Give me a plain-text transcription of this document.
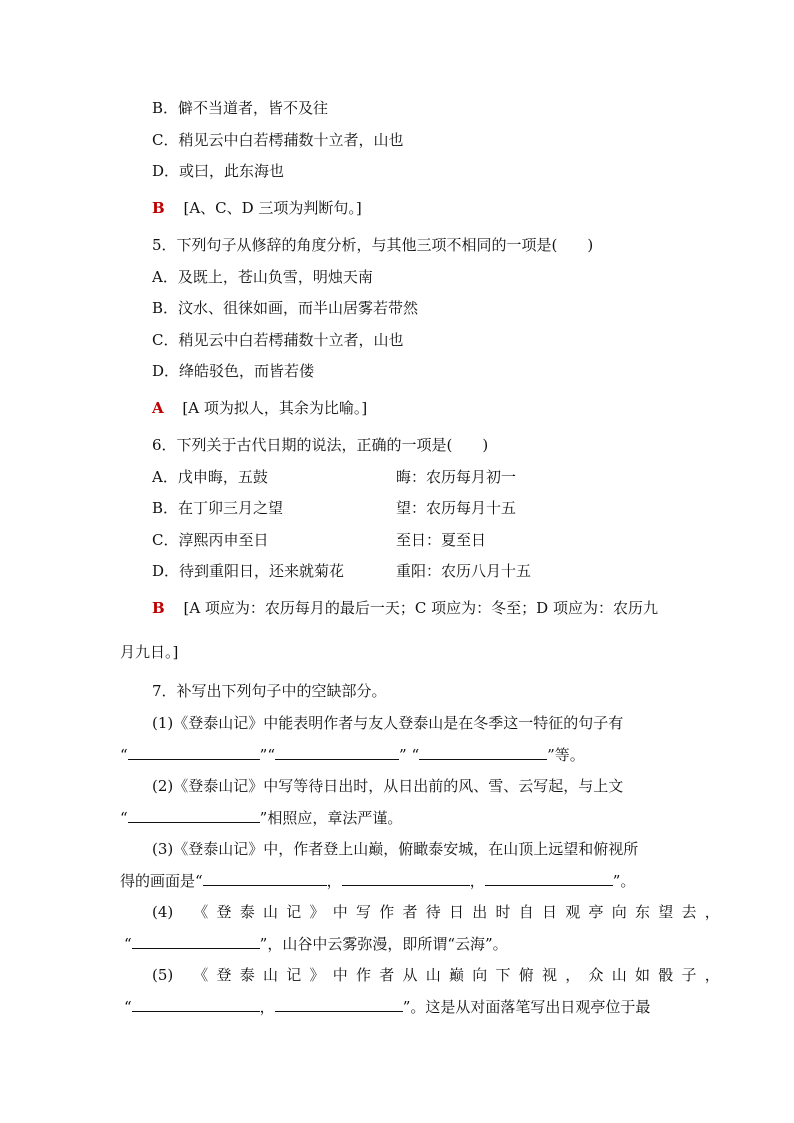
B．僻不当道者，皆不及往
C．稍见云中白若樗蒱数十立者，山也
D．或曰，此东海也
B [A、C、D 三项为判断句。]
5．下列句子从修辞的角度分析，与其他三项不相同的一项是(　　)
A．及既上，苍山负雪，明烛天南
B．汶水、徂徕如画，而半山居雾若带然
C．稍见云中白若樗蒱数十立者，山也
D．绛皓驳色，而皆若偻
A [A 项为拟人，其余为比喻。]
6．下列关于古代日期的说法，正确的一项是(　　)
A．戊申晦，五鼓	晦：农历每月初一
B．在丁卯三月之望	望：农历每月十五
C．淳熙丙申至日	至日：夏至日
D．待到重阳日，还来就菊花	重阳：农历八月十五
B [A 项应为：农历每月的最后一天；C 项应为：冬至；D 项应为：农历九
月九日。]
7．补写出下列句子中的空缺部分。
(1)《登泰山记》中能表明作者与友人登泰山是在冬季这一特征的句子有
“	”“	” “	”等。
(2)《登泰山记》中写等待日出时，从日出前的风、雪、云写起，与上文
“	”相照应，章法严谨。
(3)《登泰山记》中，作者登上山巅，俯瞰泰安城，在山顶上远望和俯视所
得的画面是“	，	，	”。
(4) 《登泰山记》中写作者待日出时自日观亭向东望去，
“	”，山谷中云雾弥漫，即所谓“云海”。
(5) 《登泰山记》中作者从山巅向下俯视，众山如骰子，
“	，	”。这是从对面落笔写出日观亭位于最
